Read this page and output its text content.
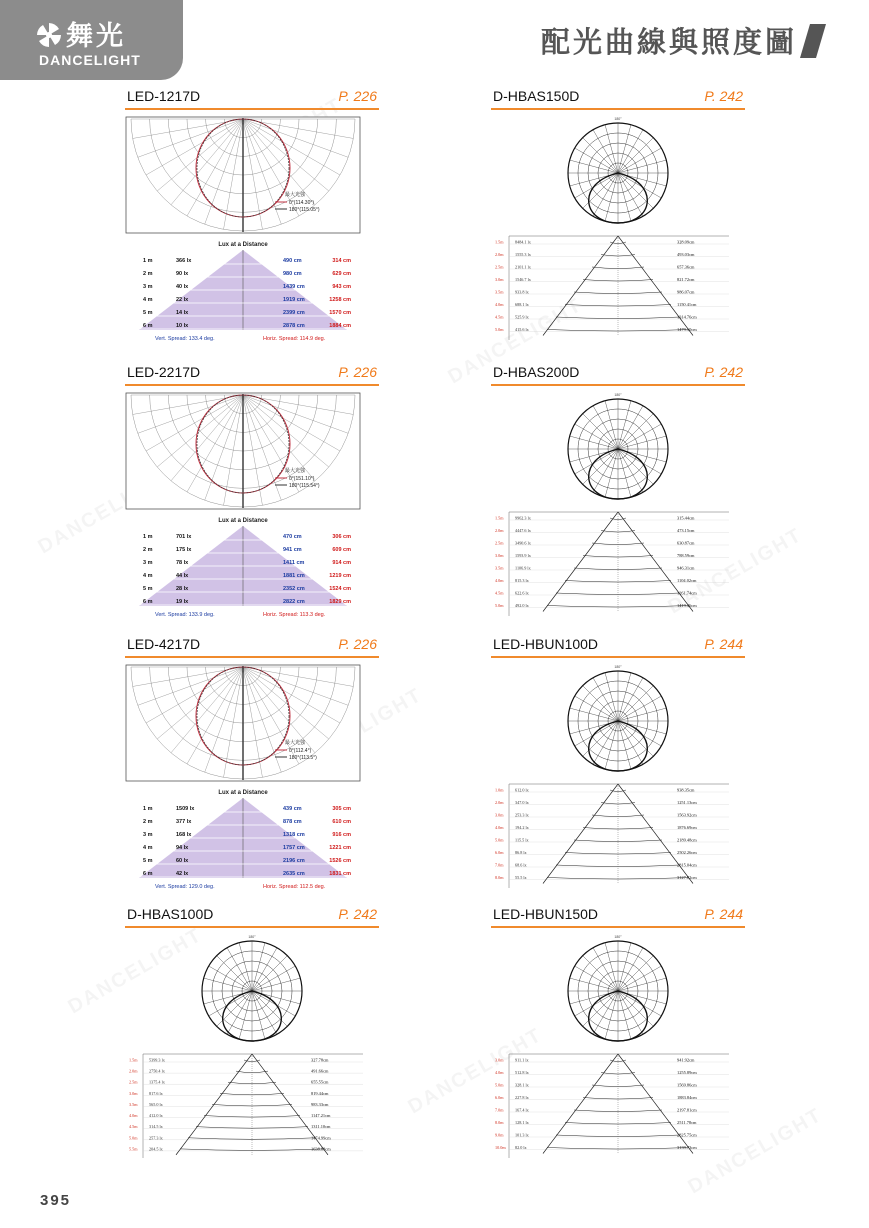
舞光
DANCELIGHT
配光曲線與照度圖
LED-1217D	P. 226
最大光強
0°(114.30°)
180°(115.05°)
Lux at a Distance
1 m	366 lx	490 cm	314 cm
2 m	90 lx	980 cm	629 cm
3 m	40 lx	1439 cm	943 cm
4 m	22 lx	1919 cm	1258 cm
5 m	14 lx	2399 cm	1570 cm
6 m	10 lx	2878 cm	1884 cm
Vert. Spread: 133.4 deg.	Horiz. Spread: 114.9 deg.
D-HBAS150D	P. 242
180°
1.5m	8484.1 lx	328.09cm
2.0m	1555.3 lx	493.03cm
2.5m	2101.1 lx	657.36cm
3.0m	1546.7 lx	821.72cm
3.5m	933.8 lx	986.07cm
4.0m	688.1 lx	1150.41cm
4.5m	525.9 lx	1314.76cm
5.0m	415.6 lx	1479.10cm
LED-2217D	P. 226
最大光強
0°(151.10°)
180°(115.54°)
Lux at a Distance
1 m	701 lx	470 cm	306 cm
2 m	175 lx	941 cm	609 cm
3 m	78 lx	1411 cm	914 cm
4 m	44 lx	1881 cm	1219 cm
5 m	28 lx	2352 cm	1524 cm
6 m	19 lx	2822 cm	1829 cm
Vert. Spread: 133.9 deg.	Horiz. Spread: 113.3 deg.
D-HBAS200D	P. 242
180°
1.5m	9962.3 lx	315.44cm
2.0m	4447.6 lx	473.15cm
2.5m	3490.6 lx	630.87cm
3.0m	1593.9 lx	788.59cm
3.5m	1106.9 lx	946.31cm
4.0m	815.3 lx	1104.02cm
4.5m	622.6 lx	1261.74cm
5.0m	492.0 lx	1419.46cm
LED-4217D	P. 226
最大光強
0°(112.4°)
180°(113.5°)
Lux at a Distance
1 m	1509 lx	439 cm	305 cm
2 m	377 lx	878 cm	610 cm
3 m	168 lx	1318 cm	916 cm
4 m	94 lx	1757 cm	1221 cm
5 m	60 lx	2196 cm	1526 cm
6 m	42 lx	2635 cm	1831 cm
Vert. Spread: 129.0 deg.	Horiz. Spread: 112.5 deg.
LED-HBUN100D	P. 244
180°
1.0m	612.0 lx	938.35cm
2.0m	347.0 lx	1251.13cm
3.0m	253.3 lx	1563.92cm
4.0m	194.2 lx	1876.69cm
5.0m	115.5 lx	2189.48cm
6.0m	86.8 lx	2502.26cm
7.0m	68.6 lx	2815.04cm
8.0m	55.5 lx	3127.82cm
D-HBAS100D	P. 242
180°
1.5m	5399.3 lx	327.78cm
2.0m	2750.4 lx	491.66cm
2.5m	1375.4 lx	655.55cm
3.0m	817.6 lx	819.44cm
3.5m	565.0 lx	983.33cm
4.0m	412.0 lx	1147.21cm
4.5m	314.5 lx	1311.10cm
5.0m	257.3 lx	1474.99cm
5.5m	204.5 lx	1638.88cm
LED-HBUN150D	P. 244
180°
3.0m	911.1 lx	941.92cm
4.0m	512.8 lx	1255.89cm
5.0m	328.1 lx	1569.86cm
6.0m	227.8 lx	1883.84cm
7.0m	167.4 lx	2197.81cm
8.0m	128.1 lx	2511.78cm
9.0m	101.3 lx	2825.75cm
10.0m 82.0 lx	3139.73cm
395
